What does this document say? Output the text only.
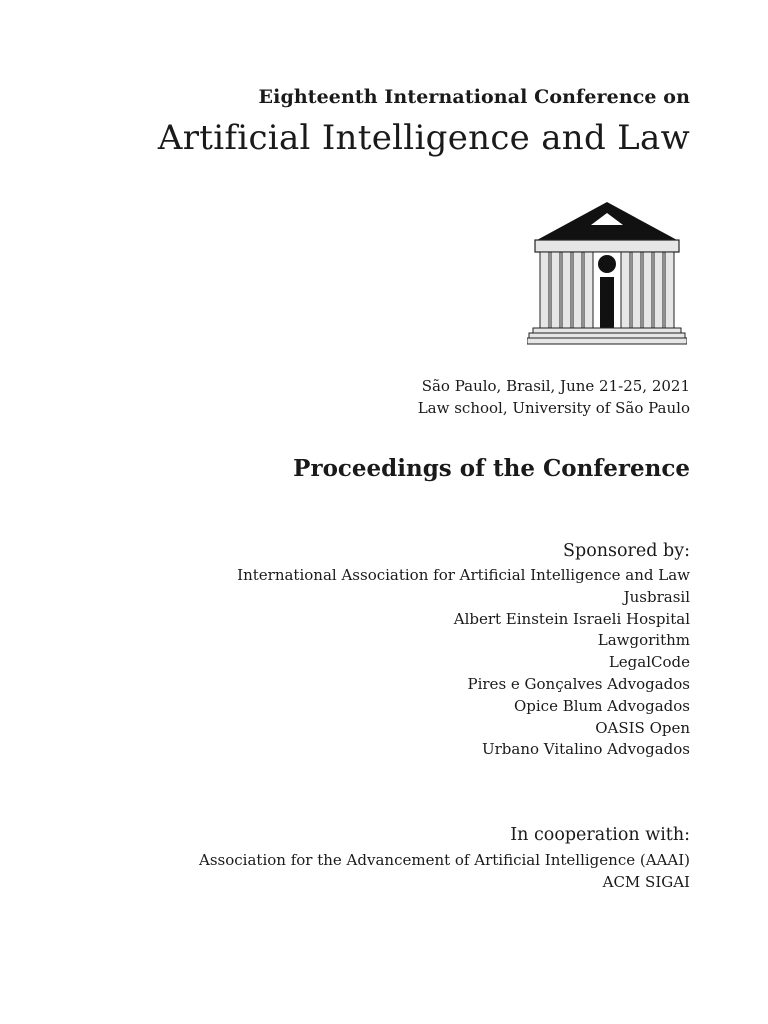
Eighteenth International Conference on
Artificial Intelligence and Law
São Paulo, Brasil, June 21-25, 2021
Law school, University of São Paulo
Proceedings of the Conference
Sponsored by:
International Association for Artificial Intelligence and Law
Jusbrasil
Albert Einstein Israeli Hospital
Lawgorithm
LegalCode
Pires e Gonçalves Advogados
Opice Blum Advogados
OASIS Open
Urbano Vitalino Advogados
In cooperation with:
Association for the Advancement of Artificial Intelligence (AAAI)
ACM SIGAI
